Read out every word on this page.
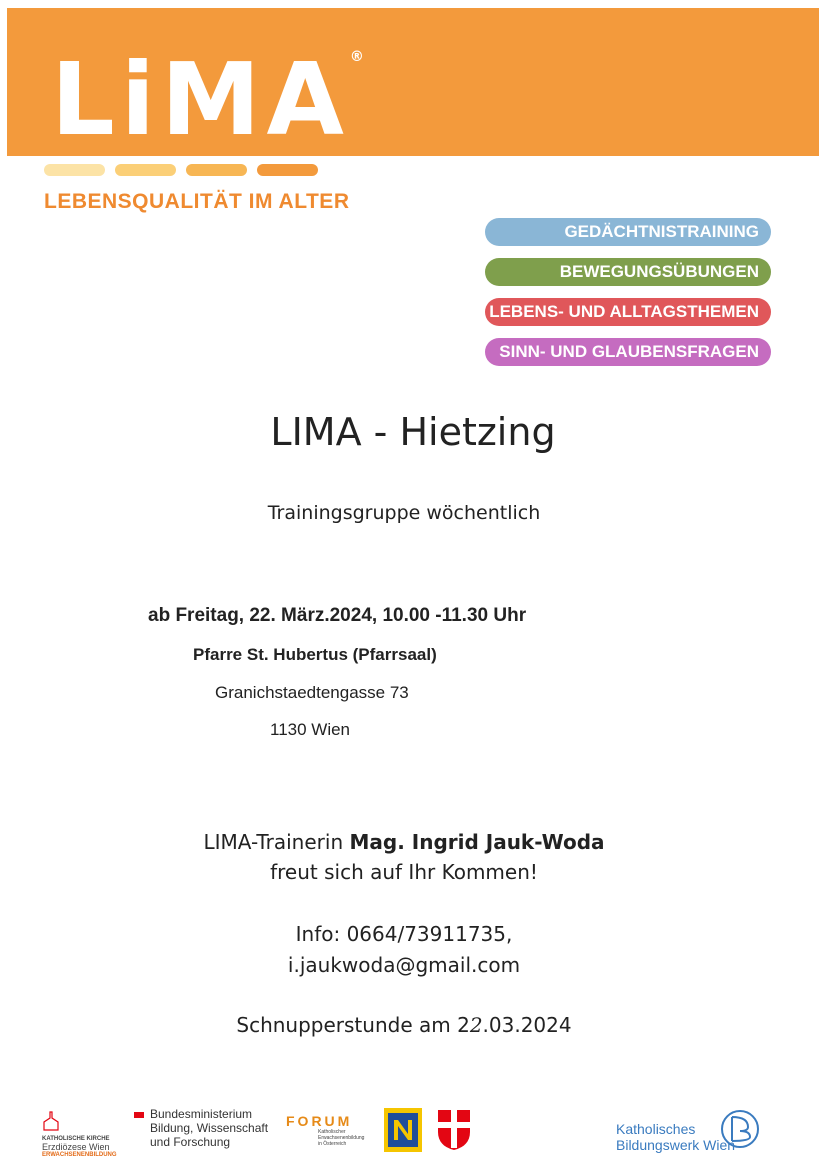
LiMA®
LEBENSQUALITÄT IM ALTER
GEDÄCHTNISTRAINING
BEWEGUNGSÜBUNGEN
LEBENS- UND ALLTAGSTHEMEN
SINN- UND GLAUBENSFRAGEN
LIMA - Hietzing
Trainingsgruppe wöchentlich
ab Freitag, 22. März.2024, 10.00 -11.30 Uhr
Pfarre St. Hubertus (Pfarrsaal)
Granichstaedtengasse 73
1130 Wien
LIMA-Trainerin Mag. Ingrid Jauk-Woda
freut sich auf Ihr Kommen!
Info: 0664/73911735,
i.jaukwoda@gmail.com
Schnupperstunde am 22.03.2024
KATHOLISCHE KIRCHE
Erzdiözese Wien
ERWACHSENENBILDUNG
Bundesministerium
Bildung, Wissenschaft
und Forschung
FORUM
Katholischer
Erwachsenenbildung
in Österreich
Katholisches
Bildungswerk Wien
